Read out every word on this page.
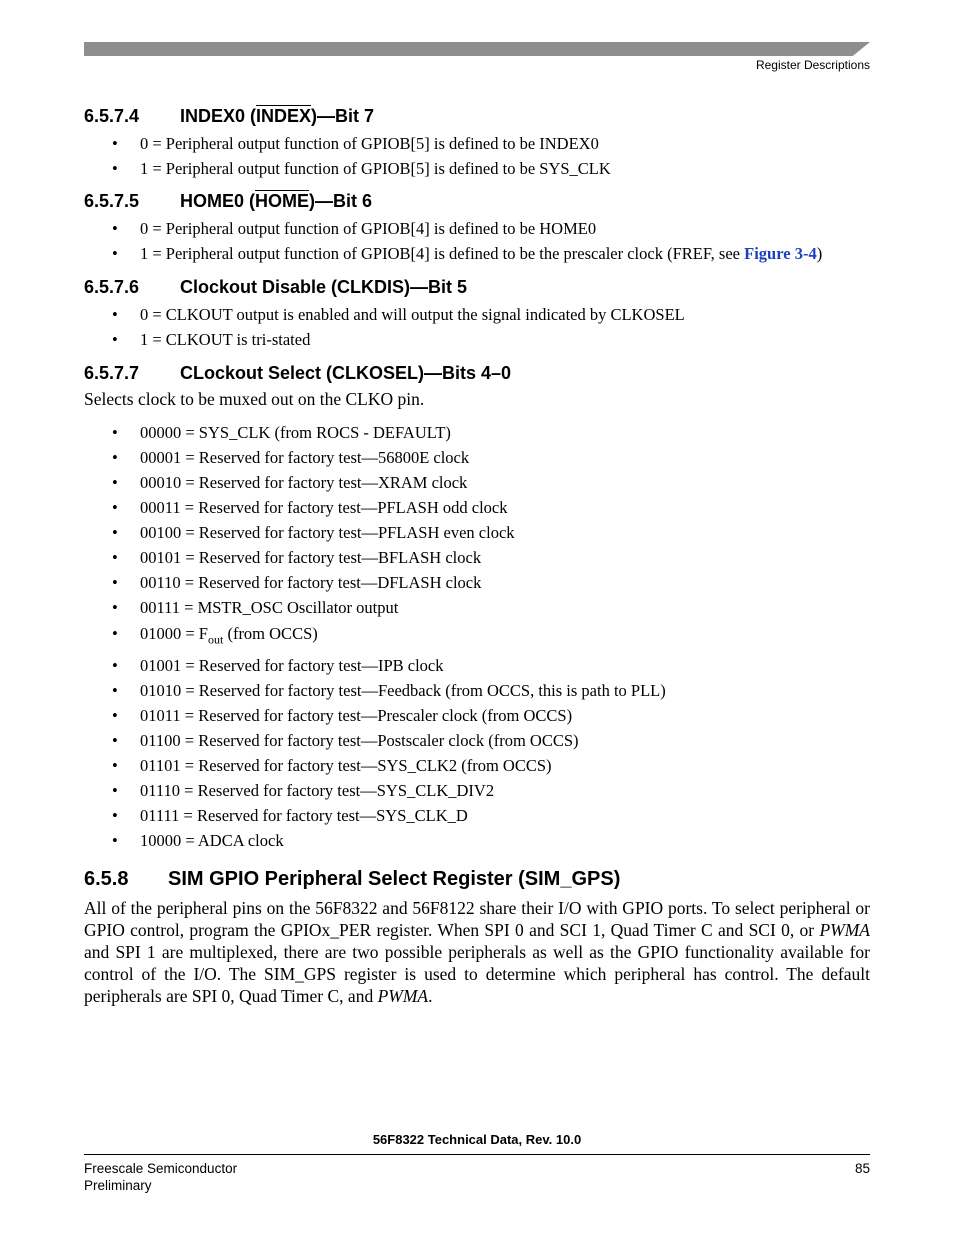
Register Descriptions
6.5.7.4	INDEX0 (INDEX)—Bit 7
• 0 = Peripheral output function of GPIOB[5] is defined to be INDEX0
• 1 = Peripheral output function of GPIOB[5] is defined to be SYS_CLK
6.5.7.5	HOME0 (HOME)—Bit 6
• 0 = Peripheral output function of GPIOB[4] is defined to be HOME0
• 1 = Peripheral output function of GPIOB[4] is defined to be the prescaler clock (FREF, see Figure 3-4)
6.5.7.6	Clockout Disable (CLKDIS)—Bit 5
• 0 = CLKOUT output is enabled and will output the signal indicated by CLKOSEL
• 1 = CLKOUT is tri-stated
6.5.7.7	CLockout Select (CLKOSEL)—Bits 4–0

Selects clock to be muxed out on the CLKO pin.

• 00000 = SYS_CLK (from ROCS - DEFAULT)
• 00001 = Reserved for factory test—56800E clock
• 00010 = Reserved for factory test—XRAM clock
• 00011 = Reserved for factory test—PFLASH odd clock
• 00100 = Reserved for factory test—PFLASH even clock
• 00101 = Reserved for factory test—BFLASH clock
• 00110 = Reserved for factory test—DFLASH clock
• 00111 = MSTR_OSC Oscillator output
• $01000 = F_{out}$ (from OCCS)
• 01001 = Reserved for factory test—IPB clock
• 01010 = Reserved for factory test—Feedback (from OCCS, this is path to PLL)
• 01011 = Reserved for factory test—Prescaler clock (from OCCS)
• 01100 = Reserved for factory test—Postscaler clock (from OCCS)
• 01101 = Reserved for factory test—SYS_CLK2 (from OCCS)
• 01110 = Reserved for factory test—SYS_CLK_DIV2
• 01111 = Reserved for factory test—SYS_CLK_D
• 10000 = ADCA clock
6.5.8	SIM GPIO Peripheral Select Register (SIM_GPS)

All of the peripheral pins on the 56F8322 and 56F8122 share their I/O with GPIO ports. To select peripheral or GPIO control, program the GPIOx_PER register. When SPI 0 and SCI 1, Quad Timer C and SCI 0, or PWMA and SPI 1 are multiplexed, there are two possible peripherals as well as the GPIO functionality available for control of the I/O. The SIM_GPS register is used to determine which peripheral has control. The default peripherals are SPI 0, Quad Timer C, and PWMA.

56F8322 Technical Data, Rev. 10.0
Freescale Semiconductor
Preliminary
85
